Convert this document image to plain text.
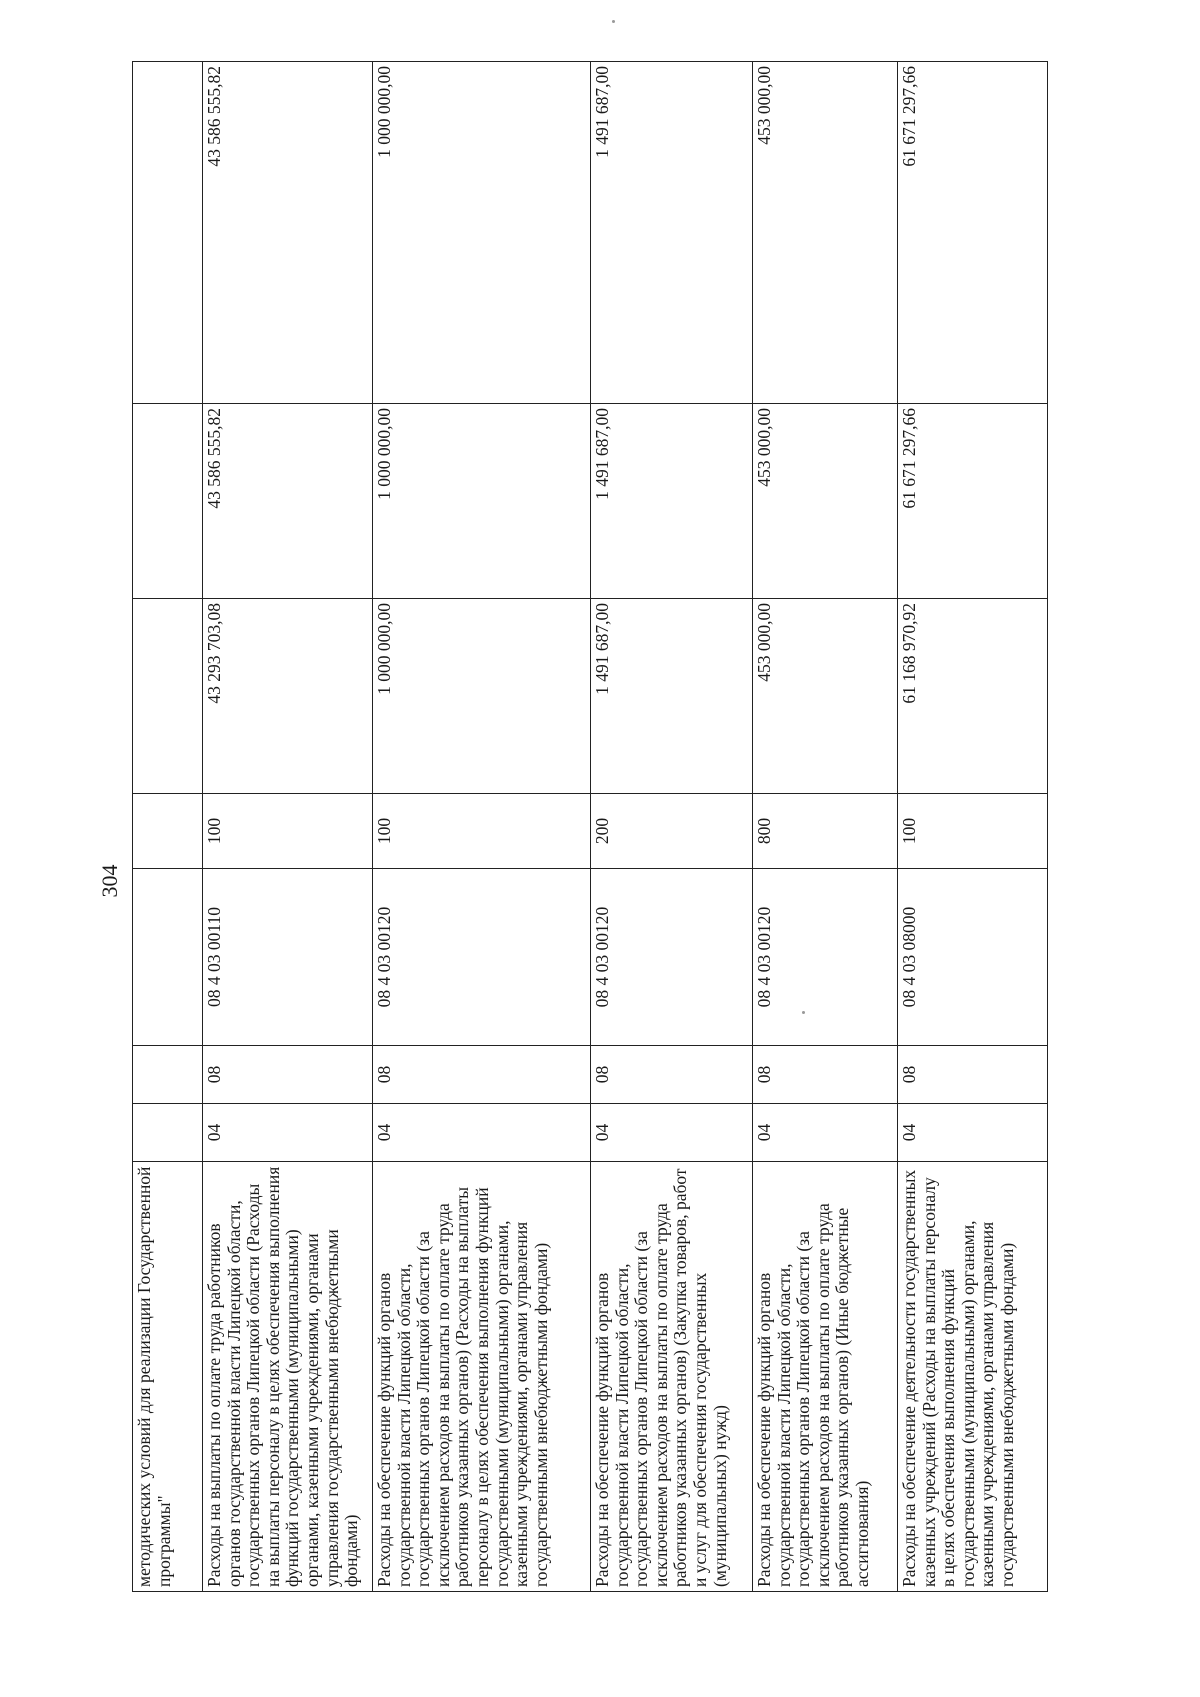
304
методических условий для реализации Государственной программы"							
Расходы на выплаты по оплате труда работников органов государственной власти Липецкой области, государственных органов Липецкой области (Расходы на выплаты персоналу в целях обеспечения выполнения функций государственными (муниципальными) органами, казенными учреждениями, органами управления государственными внебюджетными фондами)	04	08	08 4 03 00110	100	43 293 703,08	43 586 555,82	43 586 555,82
Расходы на обеспечение функций органов государственной власти Липецкой области, государственных органов Липецкой области (за исключением расходов на выплаты по оплате труда работников указанных органов) (Расходы на выплаты персоналу в целях обеспечения выполнения функций государственными (муниципальными) органами, казенными учреждениями, органами управления государственными внебюджетными фондами)	04	08	08 4 03 00120	100	1 000 000,00	1 000 000,00	1 000 000,00
Расходы на обеспечение функций органов государственной власти Липецкой области, государственных органов Липецкой области (за исключением расходов на выплаты по оплате труда работников указанных органов) (Закупка товаров, работ и услуг для обеспечения государственных (муниципальных) нужд)	04	08	08 4 03 00120	200	1 491 687,00	1 491 687,00	1 491 687,00
Расходы на обеспечение функций органов государственной власти Липецкой области, государственных органов Липецкой области (за исключением расходов на выплаты по оплате труда работников указанных органов) (Иные бюджетные ассигнования)	04	08	08 4 03 00120	800	453 000,00	453 000,00	453 000,00
Расходы на обеспечение деятельности государственных казенных учреждений (Расходы на выплаты персоналу в целях обеспечения выполнения функций государственными (муниципальными) органами, казенными учреждениями, органами управления государственными внебюджетными фондами)	04	08	08 4 03 08000	100	61 168 970,92	61 671 297,66	61 671 297,66
